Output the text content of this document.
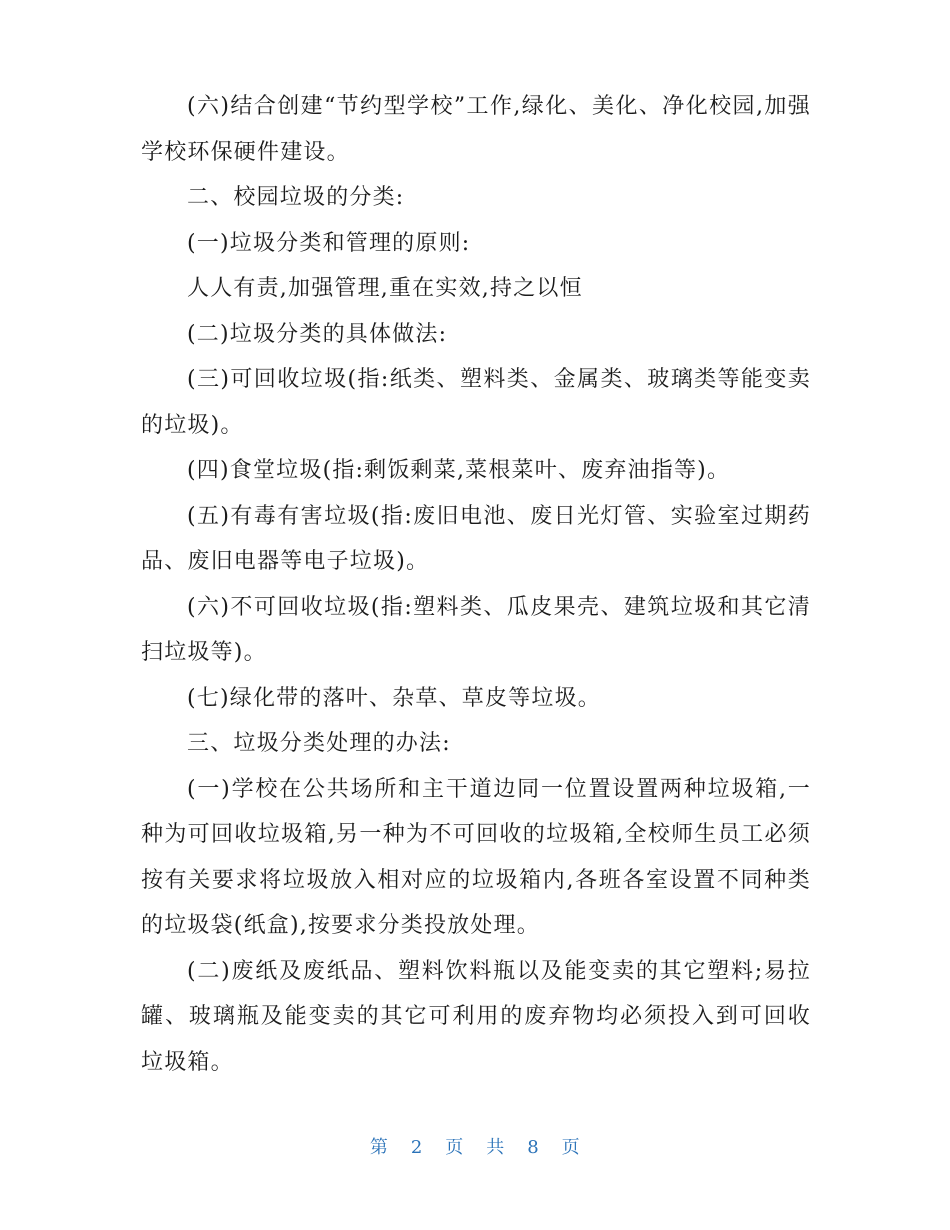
(六)结合创建“节约型学校”工作,绿化、美化、净化校园,加强学校环保硬件建设。

二、校园垃圾的分类:

(一)垃圾分类和管理的原则:

人人有责,加强管理,重在实效,持之以恒

(二)垃圾分类的具体做法:

(三)可回收垃圾(指:纸类、塑料类、金属类、玻璃类等能变卖的垃圾)。

(四)食堂垃圾(指:剩饭剩菜,菜根菜叶、废弃油指等)。

(五)有毒有害垃圾(指:废旧电池、废日光灯管、实验室过期药品、废旧电器等电子垃圾)。

(六)不可回收垃圾(指:塑料类、瓜皮果壳、建筑垃圾和其它清扫垃圾等)。

(七)绿化带的落叶、杂草、草皮等垃圾。

三、垃圾分类处理的办法:

(一)学校在公共场所和主干道边同一位置设置两种垃圾箱,一种为可回收垃圾箱,另一种为不可回收的垃圾箱,全校师生员工必须按有关要求将垃圾放入相对应的垃圾箱内,各班各室设置不同种类的垃圾袋(纸盒),按要求分类投放处理。

(二)废纸及废纸品、塑料饮料瓶以及能变卖的其它塑料;易拉罐、玻璃瓶及能变卖的其它可利用的废弃物均必须投入到可回收垃圾箱。

第 2 页 共 8 页
